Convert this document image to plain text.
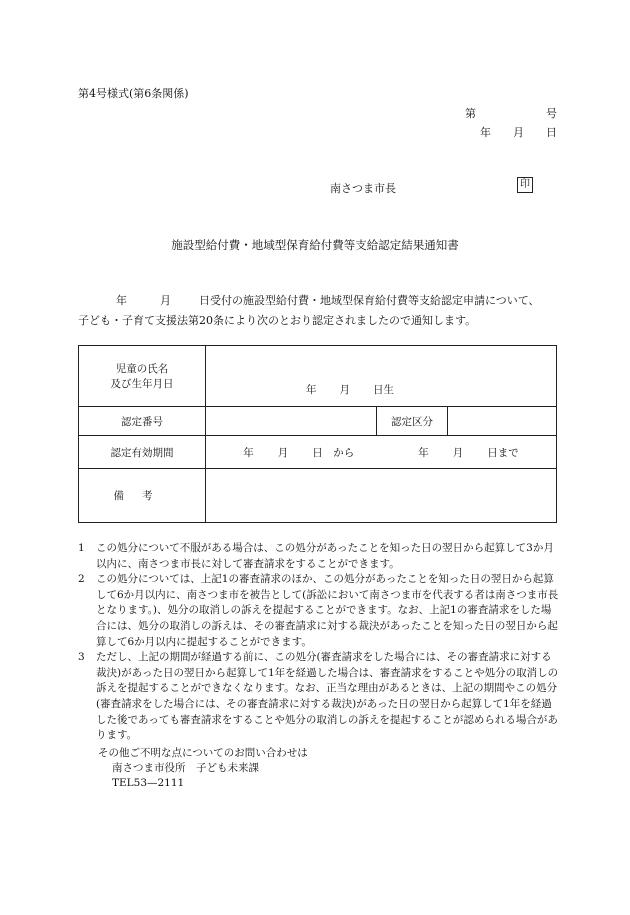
第4号様式(第6条関係)
第	号
年 月 日
南さつま市長	印
施設型給付費・地域型保育給付費等支給認定結果通知書
年	月	日受付の施設型給付費・地域型保育給付費等支給認定申請について、
子ども・子育て支援法第20条により次のとおり認定されましたので通知します。
児童の氏名
及び生年月日	年 月 日生		

認定番号		認定区分	
認定有効期間	年 月 日　 から 年 月 日まで		
備考			
1	この処分について不服がある場合は、この処分があったことを知った日の翌日から起算して3か月以内に、南さつま市長に対して審査請求をすることができます。
2	この処分については、上記1の審査請求のほか、この処分があったことを知った日の翌日から起算して6か月以内に、南さつま市を被告として(訴訟において南さつま市を代表する者は南さつま市長となります。)、処分の取消しの訴えを提起することができます。なお、上記1の審査請求をした場合には、処分の取消しの訴えは、その審査請求に対する裁決があったことを知った日の翌日から起算して6か月以内に提起することができます。
3	ただし、上記の期間が経過する前に、この処分(審査請求をした場合には、その審査請求に対する裁決)があった日の翌日から起算して1年を経過した場合は、審査請求をすることや処分の取消しの訴えを提起することができなくなります。なお、正当な理由があるときは、上記の期間やこの処分(審査請求をした場合には、その審査請求に対する裁決)があった日の翌日から起算して1年を経過した後であっても審査請求をすることや処分の取消しの訴えを提起することが認められる場合があります。
その他ご不明な点についてのお問い合わせは
南さつま市役所　子ども未来課
TEL53—2111
